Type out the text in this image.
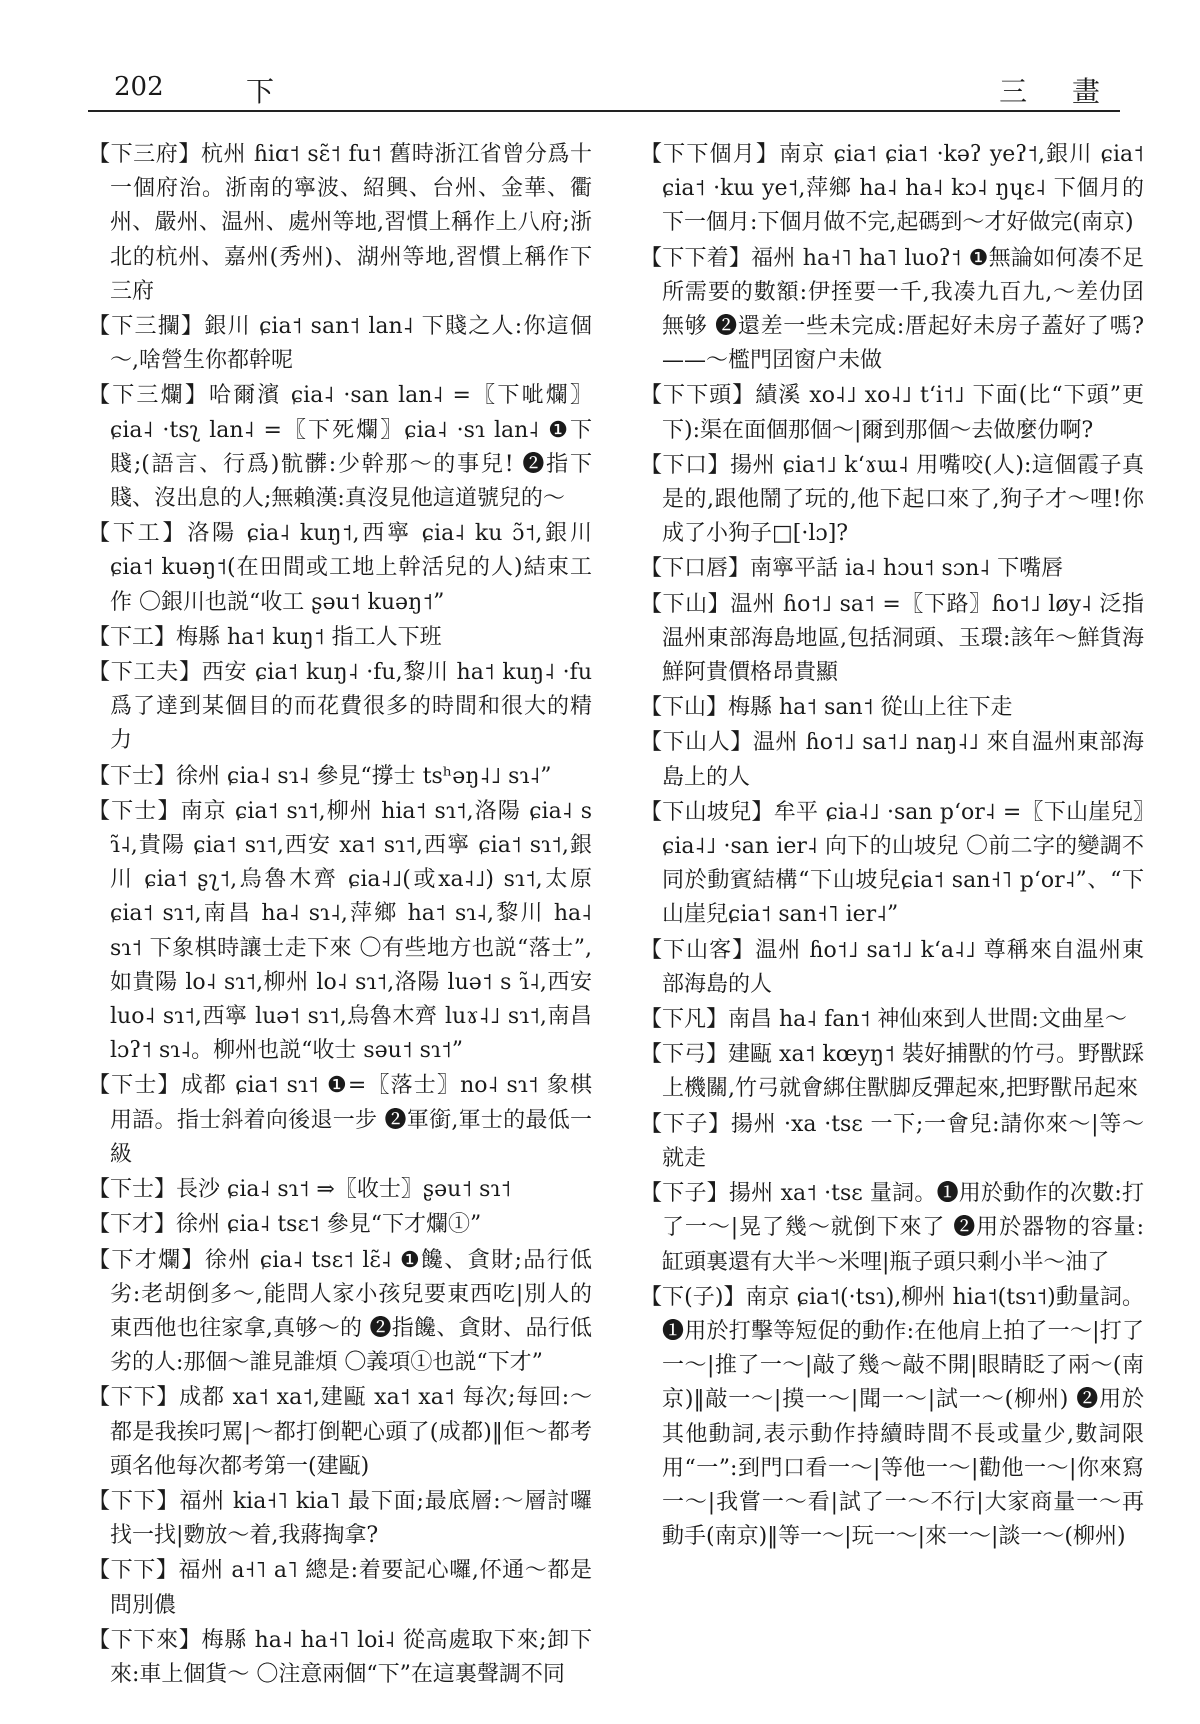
202	下	三 畫

【下三府】杭州 ɦiɑ˦ sɛ̃˦ fu˦ 舊時浙江省曾分爲十一個府治。浙南的寧波、紹興、台州、金華、衢州、嚴州、温州、處州等地,習慣上稱作上八府;浙北的杭州、嘉州(秀州)、湖州等地,習慣上稱作下三府

【下三攔】銀川 ɕia˦ san˦ lan˨ 下賤之人:你這個～,啥營生你都幹呢

【下三爛】哈爾濱 ɕia˨ ·san lan˨ =〖下呲爛〗ɕia˨ ·tsʅ lan˨ =〖下死爛〗ɕia˨ ·sɿ lan˨ ❶下賤;(語言、行爲)骯髒:少幹那～的事兒! ❷指下賤、沒出息的人;無賴漢:真沒見他這道號兒的～

【下工】洛陽 ɕia˨ kuŋ˦,西寧 ɕia˨ ku ɔ̃˦,銀川 ɕia˦ kuəŋ˦(在田間或工地上幹活兒的人)結束工作 〇銀川也説“收工 ʂəu˦ kuəŋ˦”

【下工】梅縣 ha˦ kuŋ˦ 指工人下班

【下工夫】西安 ɕia˦ kuŋ˨ ·fu,黎川 ha˦ kuŋ˨ ·fu 爲了達到某個目的而花費很多的時間和很大的精力

【下士】徐州 ɕia˨ sɿ˨ 參見“撐士 tsʰəŋ˨˩ sɿ˨”

【下士】南京 ɕia˦ sɿ˦,柳州 hia˦ sɿ˦,洛陽 ɕia˨ s ɿ̃˨,貴陽 ɕia˦ sɿ˦,西安 xa˦ sɿ˦,西寧 ɕia˦ sɿ˦,銀川 ɕia˦ ʂʅ˦,烏魯木齊 ɕia˨˩(或xa˨˩) sɿ˦,太原 ɕia˦ sɿ˦,南昌 ha˨ sɿ˨,萍鄉 ha˦ sɿ˨,黎川 ha˨ sɿ˦ 下象棋時讓士走下來 〇有些地方也説“落士”,如貴陽 lo˨ sɿ˦,柳州 lo˨ sɿ˦,洛陽 luə˦ s ɿ̃˨,西安 luo˨ sɿ˦,西寧 luə˦ sɿ˦,烏魯木齊 luɤ˨˩ sɿ˦,南昌 lɔʔ˦ sɿ˨。柳州也説“收士 səu˦ sɿ˦”

【下士】成都 ɕia˦ sɿ˦ ❶=〖落士〗no˨ sɿ˦ 象棋用語。指士斜着向後退一步 ❷軍銜,軍士的最低一級

【下士】長沙 ɕia˨ sɿ˦ ⇒〖收士〗ʂəu˦ sɿ˦

【下才】徐州 ɕia˨ tsɛ˦ 參見“下才爛①”

【下才爛】徐州 ɕia˨ tsɛ˦ lɛ̃˨ ❶饞、貪財;品行低劣:老胡倒多～,能問人家小孩兒要東西吃|別人的東西他也往家拿,真够～的 ❷指饞、貪財、品行低劣的人:那個～誰見誰煩 〇義項①也説“下才”

【下下】成都 xa˦ xa˦,建甌 xa˦ xa˦ 每次;每回:～都是我挨叼罵|～都打倒靶心頭了(成都)‖佢～都考頭名他每次都考第一(建甌)

【下下】福州 kia˧˥ kia˥ 最下面;最底層:～層討囉找一找|覅放～着,我蔣掏拿?

【下下】福州 a˧˥ a˥ 總是:着要記心囉,伓通～都是問別儂

【下下來】梅縣 ha˨ ha˧˥ loi˨ 從高處取下來;卸下來:車上個貨～ 〇注意兩個“下”在這裏聲調不同

【下下個月】南京 ɕia˦ ɕia˦ ·kəʔ yeʔ˦,銀川 ɕia˦ ɕia˦ ·kɯ ye˦,萍鄉 ha˨ ha˨ kɔ˨ ŋɥɛ˨ 下個月的下一個月:下個月做不完,起碼到～才好做完(南京)

【下下着】福州 ha˧˥ ha˥ luoʔ˦ ❶無論如何凑不足所需要的數額:伊挃要一千,我凑九百九,～差仂囝無够 ❷還差一些未完成:厝起好未房子蓋好了嗎?——～檻門囝窗户未做

【下下頭】績溪 xo˨˩ xo˨˩ tʻi˦˩ 下面(比“下頭”更下):渠在面個那個～|爾到那個～去做麼仂啊?

【下口】揚州 ɕia˦˩ kʻɤɯ˨ 用嘴咬(人):這個霞子真是的,跟他鬧了玩的,他下起口來了,狗子才～哩!你成了小狗子□[·lɔ]?

【下口唇】南寧平話 ia˨ hɔu˦ sɔn˨ 下嘴唇

【下山】温州 ɦo˦˩ sa˦ =〖下路〗ɦo˦˩ løy˨ 泛指温州東部海島地區,包括洞頭、玉環:該年～鮮貨海鮮阿貴價格昂貴顯

【下山】梅縣 ha˦ san˦ 從山上往下走

【下山人】温州 ɦo˦˩ sa˦˩ naŋ˨˩ 來自温州東部海島上的人

【下山坡兒】牟平 ɕia˨˩ ·san pʻor˨ =〖下山崖兒〗ɕia˨˩ ·san ier˨ 向下的山坡兒 〇前二字的變調不同於動賓結構“下山坡兒ɕia˦ san˧˥ pʻor˨”、“下山崖兒ɕia˦ san˧˥ ier˨”

【下山客】温州 ɦo˦˩ sa˦˩ kʻa˨˩ 尊稱來自温州東部海島的人

【下凡】南昌 ha˨ fan˦ 神仙來到人世間:文曲星～

【下弓】建甌 xa˦ kœyŋ˦ 裝好捕獸的竹弓。野獸踩上機關,竹弓就會綁住獸脚反彈起來,把野獸吊起來

【下子】揚州 ·xa ·tsɛ 一下;一會兒:請你來～|等～就走

【下子】揚州 xa˦ ·tsɛ 量詞。❶用於動作的次數:打了一～|晃了幾～就倒下來了 ❷用於器物的容量:缸頭裏還有大半～米哩|瓶子頭只剩小半～油了

【下(子)】南京 ɕia˦(·tsɿ),柳州 hia˦(tsɿ˦)動量詞。❶用於打擊等短促的動作:在他肩上拍了一～|打了一～|推了一～|敲了幾～敲不開|眼睛眨了兩～(南京)‖敲一～|摸一～|聞一～|試一～(柳州) ❷用於其他動詞,表示動作持續時間不長或量少,數詞限用“一”:到門口看一～|等他一～|勸他一～|你來寫一～|我嘗一～看|試了一～不行|大家商量一～再動手(南京)‖等一～|玩一～|來一～|談一～(柳州)
